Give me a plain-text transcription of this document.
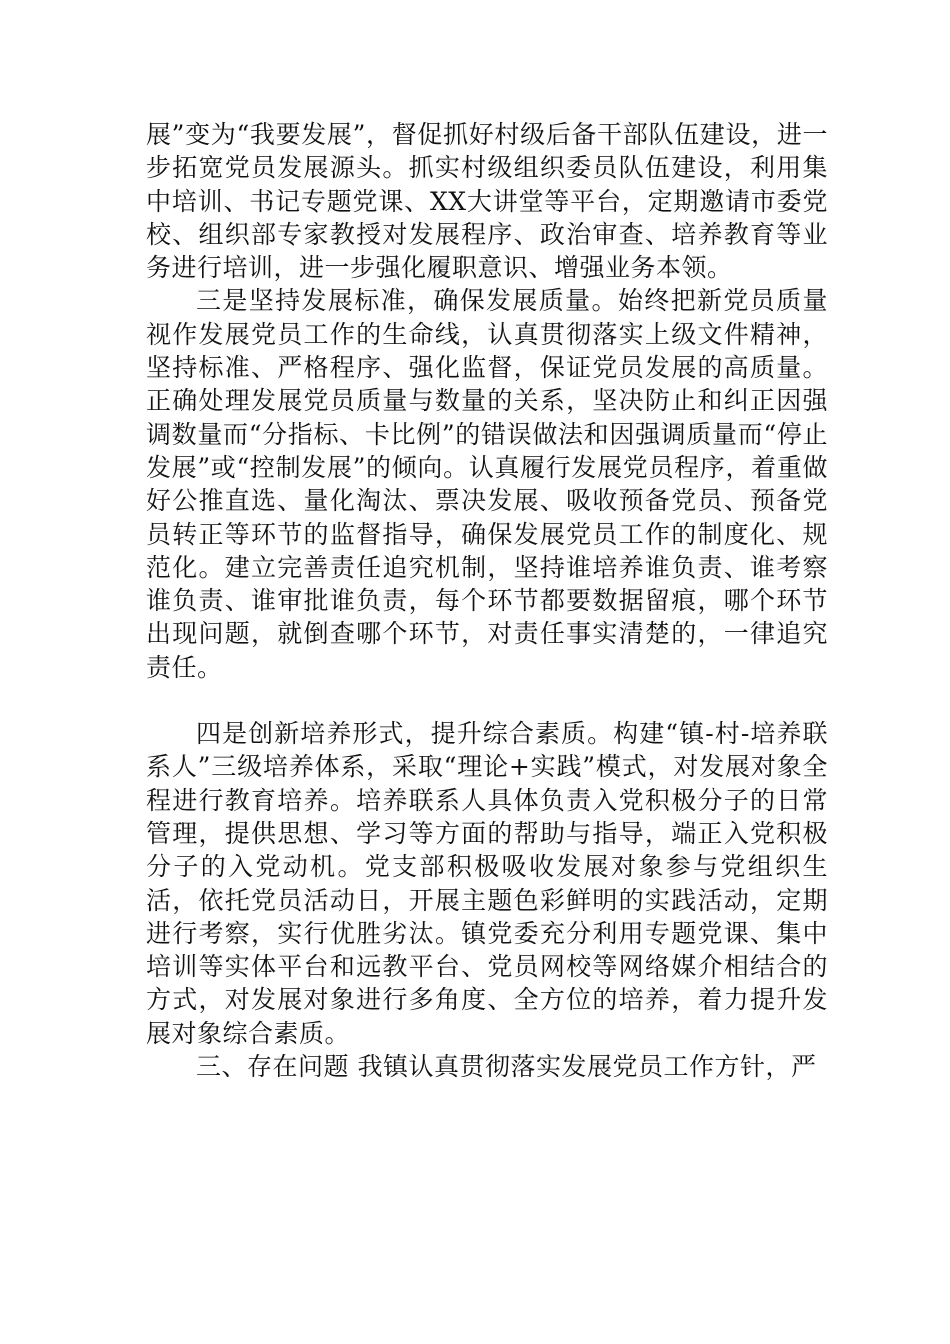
展”变为“我要发展”，督促抓好村级后备干部队伍建设，进一步拓宽党员发展源头。抓实村级组织委员队伍建设，利用集中培训、书记专题党课、XX大讲堂等平台，定期邀请市委党校、组织部专家教授对发展程序、政治审查、培养教育等业务进行培训，进一步强化履职意识、增强业务本领。

三是坚持发展标准，确保发展质量。始终把新党员质量视作发展党员工作的生命线，认真贯彻落实上级文件精神，坚持标准、严格程序、强化监督，保证党员发展的高质量。正确处理发展党员质量与数量的关系，坚决防止和纠正因强调数量而“分指标、卡比例”的错误做法和因强调质量而“停止发展”或“控制发展”的倾向。认真履行发展党员程序，着重做好公推直选、量化淘汰、票决发展、吸收预备党员、预备党员转正等环节的监督指导，确保发展党员工作的制度化、规范化。建立完善责任追究机制，坚持谁培养谁负责、谁考察谁负责、谁审批谁负责，每个环节都要数据留痕，哪个环节出现问题，就倒查哪个环节，对责任事实清楚的，一律追究责任。

四是创新培养形式，提升综合素质。构建“镇-村-培养联系人”三级培养体系，采取“理论+实践”模式，对发展对象全程进行教育培养。培养联系人具体负责入党积极分子的日常管理，提供思想、学习等方面的帮助与指导，端正入党积极分子的入党动机。党支部积极吸收发展对象参与党组织生活，依托党员活动日，开展主题色彩鲜明的实践活动，定期进行考察，实行优胜劣汰。镇党委充分利用专题党课、集中培训等实体平台和远教平台、党员网校等网络媒介相结合的方式，对发展对象进行多角度、全方位的培养，着力提升发展对象综合素质。

三、存在问题 我镇认真贯彻落实发展党员工作方针，严
